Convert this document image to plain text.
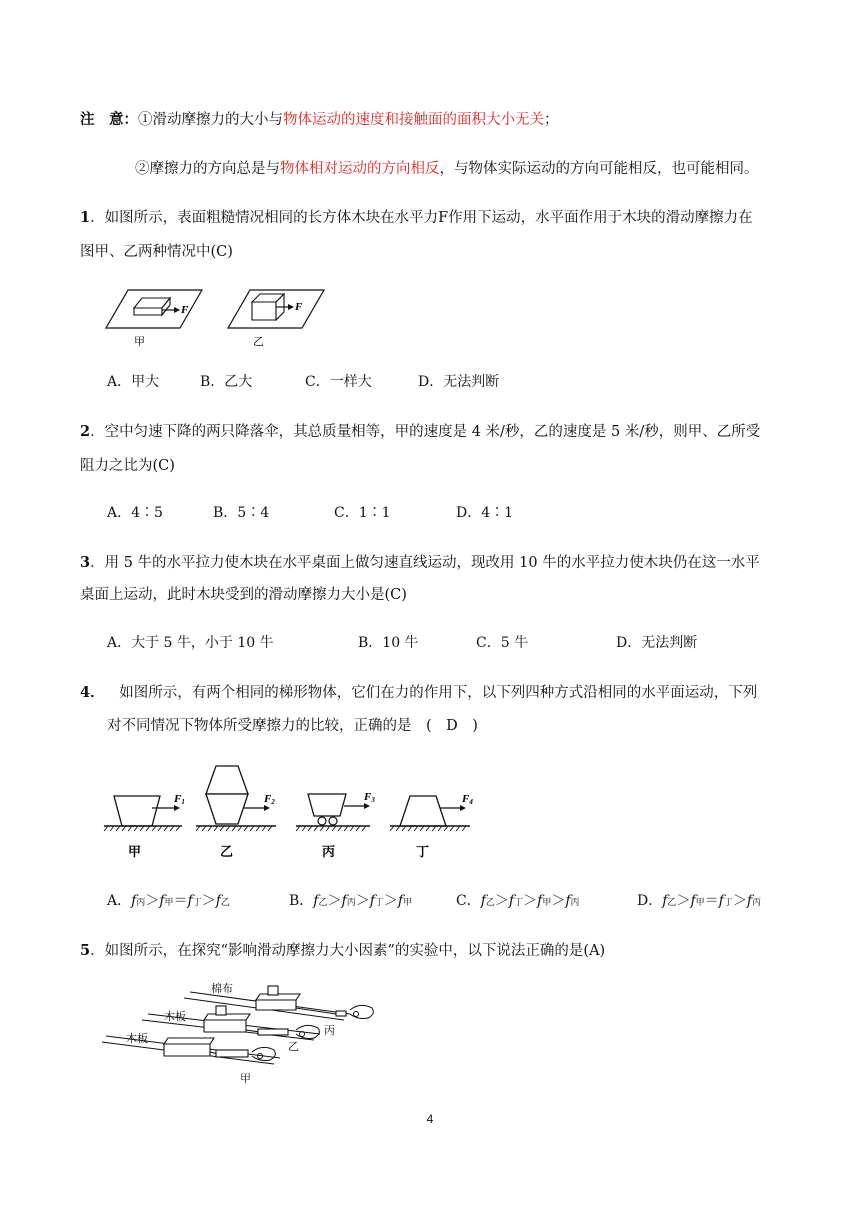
注　意：①滑动摩擦力的大小与物体运动的速度和接触面的面积大小无关；
②摩擦力的方向总是与物体相对运动的方向相反，与物体实际运动的方向可能相反，也可能相同。
1．如图所示，表面粗糙情况相同的长方体木块在水平力F作用下运动，水平面作用于木块的滑动摩擦力在
图甲、乙两种情况中(C)
F	F
甲	乙
A．甲大	B．乙大	C．一样大	D．无法判断
2．空中匀速下降的两只降落伞，其总质量相等，甲的速度是 4 米/秒，乙的速度是 5 米/秒，则甲、乙所受
阻力之比为(C)
A．4∶5	B．5∶4	C．1∶1	D．4∶1
3．用 5 牛的水平拉力使木块在水平桌面上做匀速直线运动，现改用 10 牛的水平拉力使木块仍在这一水平
桌面上运动，此时木块受到的滑动摩擦力大小是(C)
A．大于 5 牛，小于 10 牛	B．10 牛	C．5 牛	D．无法判断
4． 如图所示，有两个相同的梯形物体，它们在力的作用下，以下列四种方式沿相同的水平面运动，下列
对不同情况下物体所受摩擦力的比较，正确的是　(　D　)
F1	F2	F3	F4
甲	乙	丙	丁
A．f丙＞f甲＝f丁＞f乙	B．f乙＞f丙＞f丁＞f甲	C．f乙＞f丁＞f甲＞f丙	D．f乙＞f甲＝f丁＞f丙
5．如图所示，在探究“影响滑动摩擦力大小因素”的实验中，以下说法正确的是(A)
棉布
木板
木板
丙
乙
甲
4
